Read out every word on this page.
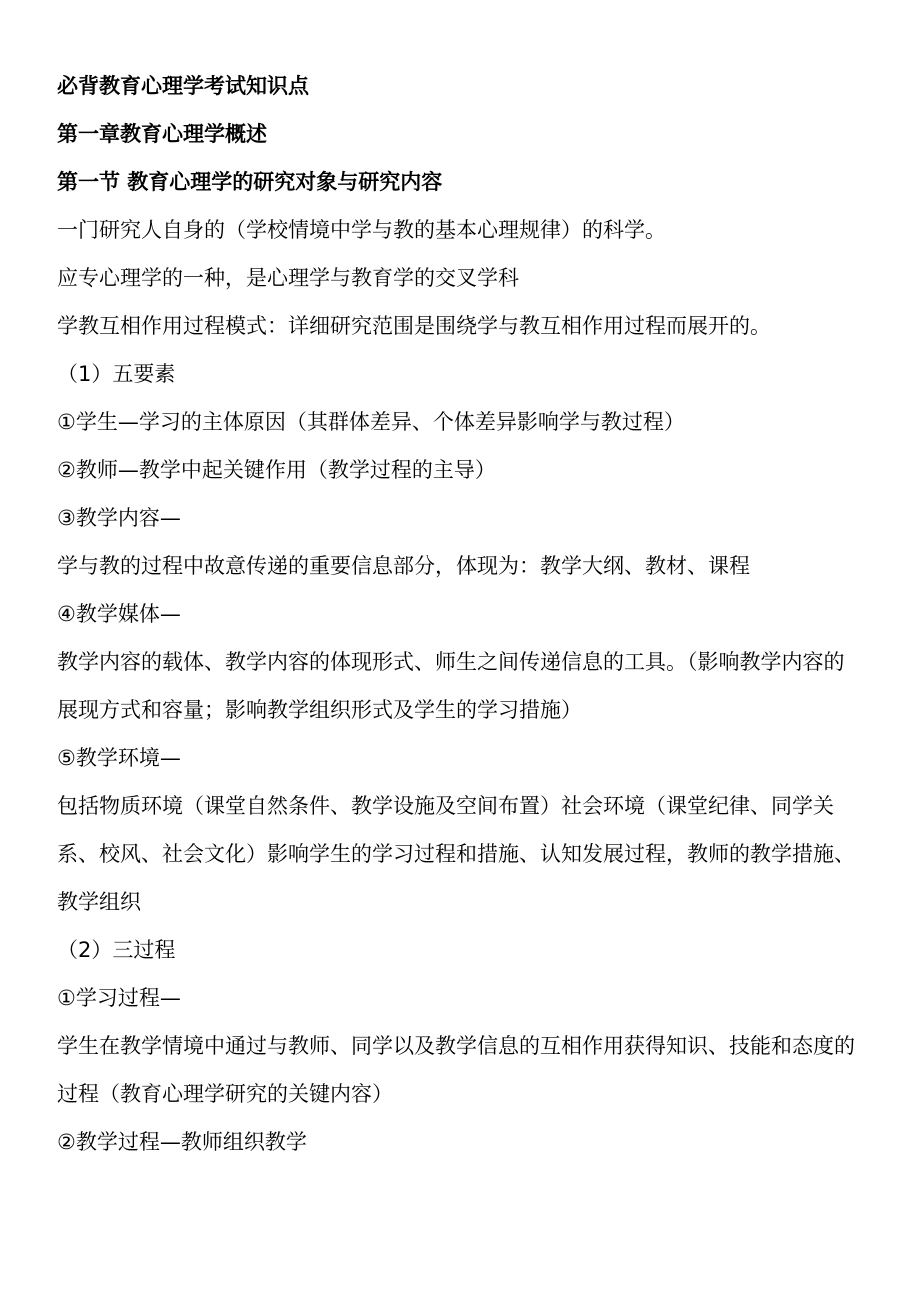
必背教育心理学考试知识点
第一章教育心理学概述
第一节 教育心理学的研究对象与研究内容
一门研究人自身的（学校情境中学与教的基本心理规律）的科学。
应专心理学的一种，是心理学与教育学的交叉学科
学教互相作用过程模式：详细研究范围是围绕学与教互相作用过程而展开的。
（1）五要素
①学生—学习的主体原因（其群体差异、个体差异影响学与教过程）
②教师—教学中起关键作用（教学过程的主导）
③教学内容—
学与教的过程中故意传递的重要信息部分，体现为：教学大纲、教材、课程
④教学媒体—
教学内容的载体、教学内容的体现形式、师生之间传递信息的工具。（影响教学内容的展现方式和容量；影响教学组织形式及学生的学习措施）
⑤教学环境—
包括物质环境（课堂自然条件、教学设施及空间布置）社会环境（课堂纪律、同学关系、校风、社会文化）影响学生的学习过程和措施、认知发展过程，教师的教学措施、教学组织
（2）三过程
①学习过程—
学生在教学情境中通过与教师、同学以及教学信息的互相作用获得知识、技能和态度的过程（教育心理学研究的关键内容）
②教学过程—教师组织教学
